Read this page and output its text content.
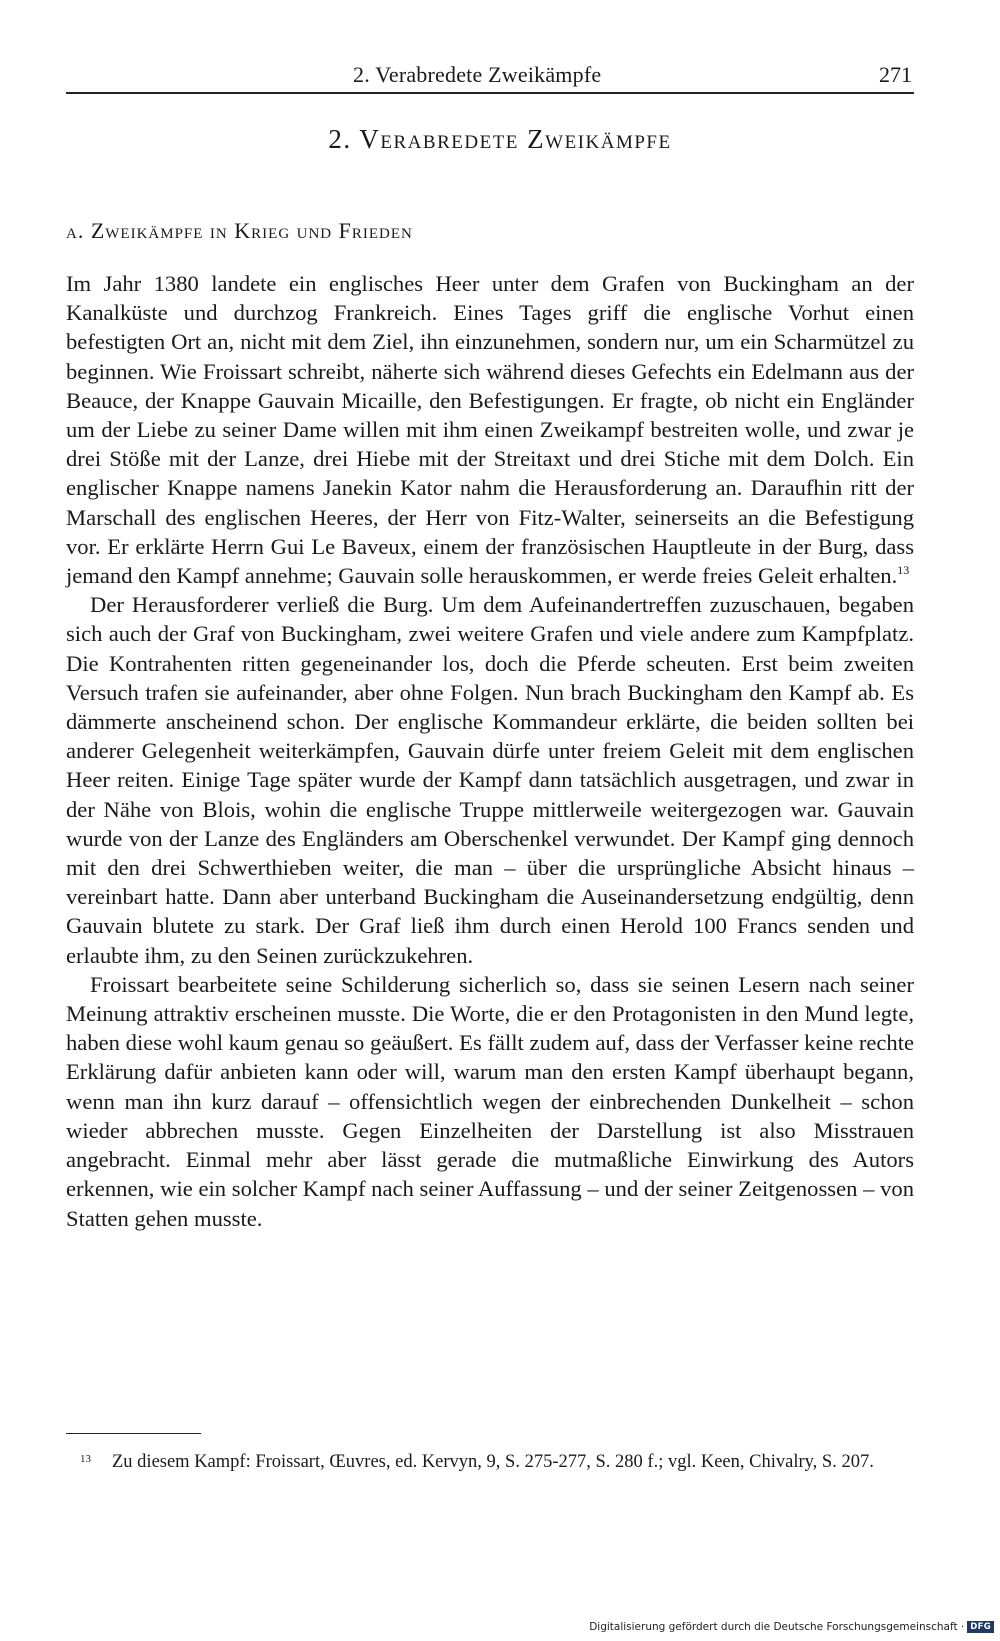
2. Verabredete Zweikämpfe	271
2. Verabredete Zweikämpfe
a. Zweikämpfe in Krieg und Frieden

Im Jahr 1380 landete ein englisches Heer unter dem Grafen von Buckingham an der Kanalküste und durchzog Frankreich. Eines Tages griff die englische Vorhut einen befestigten Ort an, nicht mit dem Ziel, ihn einzunehmen, sondern nur, um ein Scharmützel zu beginnen. Wie Froissart schreibt, näherte sich während dieses Gefechts ein Edelmann aus der Beauce, der Knappe Gauvain Micaille, den Befestigungen. Er fragte, ob nicht ein Engländer um der Liebe zu seiner Dame willen mit ihm einen Zweikampf bestreiten wolle, und zwar je drei Stöße mit der Lanze, drei Hiebe mit der Streitaxt und drei Stiche mit dem Dolch. Ein englischer Knappe namens Janekin Kator nahm die Herausforderung an. Daraufhin ritt der Marschall des englischen Heeres, der Herr von Fitz-Walter, seinerseits an die Befestigung vor. Er erklärte Herrn Gui Le Baveux, einem der französischen Hauptleute in der Burg, dass jemand den Kampf annehme; Gauvain solle herauskommen, er werde freies Geleit erhalten.$^{13}$

Der Herausforderer verließ die Burg. Um dem Aufeinandertreffen zuzuschauen, begaben sich auch der Graf von Buckingham, zwei weitere Grafen und viele andere zum Kampfplatz. Die Kontrahenten ritten gegeneinander los, doch die Pferde scheuten. Erst beim zweiten Versuch trafen sie aufeinander, aber ohne Folgen. Nun brach Buckingham den Kampf ab. Es dämmerte anscheinend schon. Der englische Kommandeur erklärte, die beiden sollten bei anderer Gelegenheit weiterkämpfen, Gauvain dürfe unter freiem Geleit mit dem englischen Heer reiten. Einige Tage später wurde der Kampf dann tatsächlich ausgetragen, und zwar in der Nähe von Blois, wohin die englische Truppe mittlerweile weitergezogen war. Gauvain wurde von der Lanze des Engländers am Oberschenkel verwundet. Der Kampf ging dennoch mit den drei Schwerthieben weiter, die man – über die ursprüngliche Absicht hinaus – vereinbart hatte. Dann aber unterband Buckingham die Auseinandersetzung endgültig, denn Gauvain blutete zu stark. Der Graf ließ ihm durch einen Herold 100 Francs senden und erlaubte ihm, zu den Seinen zurückzukehren.

Froissart bearbeitete seine Schilderung sicherlich so, dass sie seinen Lesern nach seiner Meinung attraktiv erscheinen musste. Die Worte, die er den Protagonisten in den Mund legte, haben diese wohl kaum genau so geäußert. Es fällt zudem auf, dass der Verfasser keine rechte Erklärung dafür anbieten kann oder will, warum man den ersten Kampf überhaupt begann, wenn man ihn kurz darauf – offensichtlich wegen der einbrechenden Dunkelheit – schon wieder abbrechen musste. Gegen Einzelheiten der Darstellung ist also Misstrauen angebracht. Einmal mehr aber lässt gerade die mutmaßliche Einwirkung des Autors erkennen, wie ein solcher Kampf nach seiner Auffassung – und der seiner Zeitgenossen – von Statten gehen musste.

13 Zu diesem Kampf: Froissart, Œuvres, ed. Kervyn, 9, S. 275-277, S. 280 f.; vgl. Keen, Chivalry, S. 207.
Digitalisierung gefördert durch die Deutsche Forschungsgemeinschaft · DFG
